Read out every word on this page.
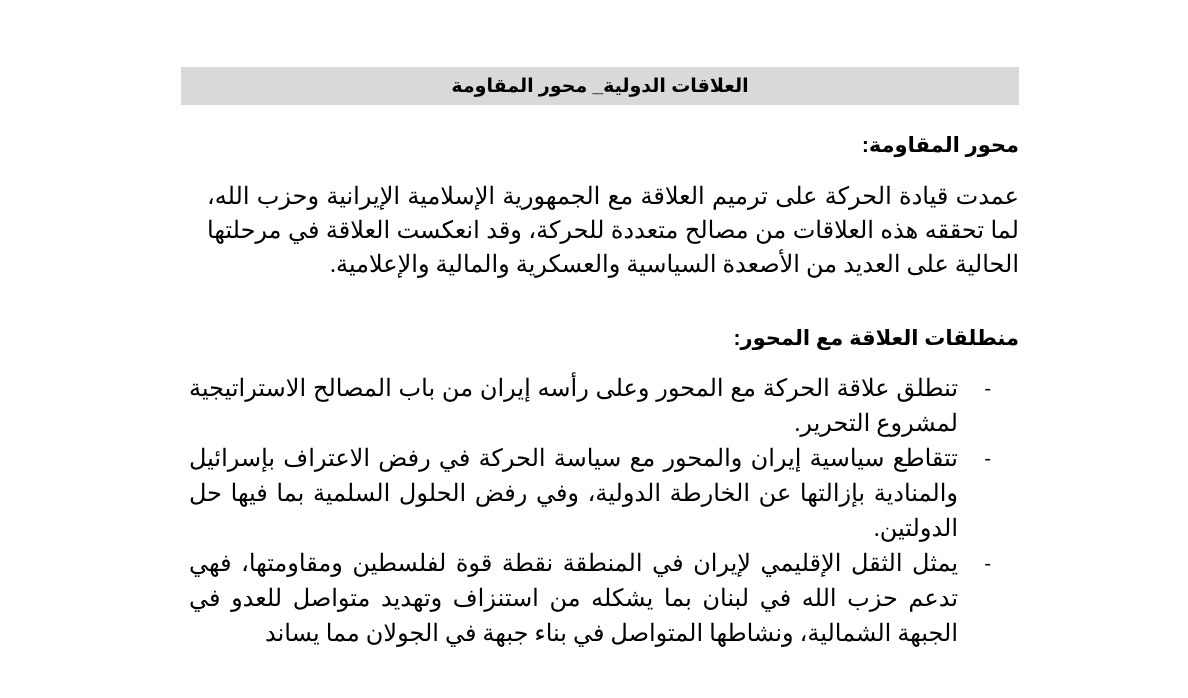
العلاقات الدولية_ محور المقاومة
محور المقاومة:
عمدت قيادة الحركة على ترميم العلاقة مع الجمهورية الإسلامية الإيرانية وحزب الله، لما تحققه هذه العلاقات من مصالح متعددة للحركة، وقد انعكست العلاقة في مرحلتها الحالية على العديد من الأصعدة السياسية والعسكرية والمالية والإعلامية.
منطلقات العلاقة مع المحور:
-
تنطلق علاقة الحركة مع المحور وعلى رأسه إيران من باب المصالح الاستراتيجية لمشروع التحرير.
-
تتقاطع سياسية إيران والمحور مع سياسة الحركة في رفض الاعتراف بإسرائيل والمنادية بإزالتها عن الخارطة الدولية، وفي رفض الحلول السلمية بما فيها حل الدولتين.
-
يمثل الثقل الإقليمي لإيران في المنطقة نقطة قوة لفلسطين ومقاومتها، فهي تدعم حزب الله في لبنان بما يشكله من استنزاف وتهديد متواصل للعدو في الجبهة الشمالية، ونشاطها المتواصل في بناء جبهة في الجولان مما يساند
